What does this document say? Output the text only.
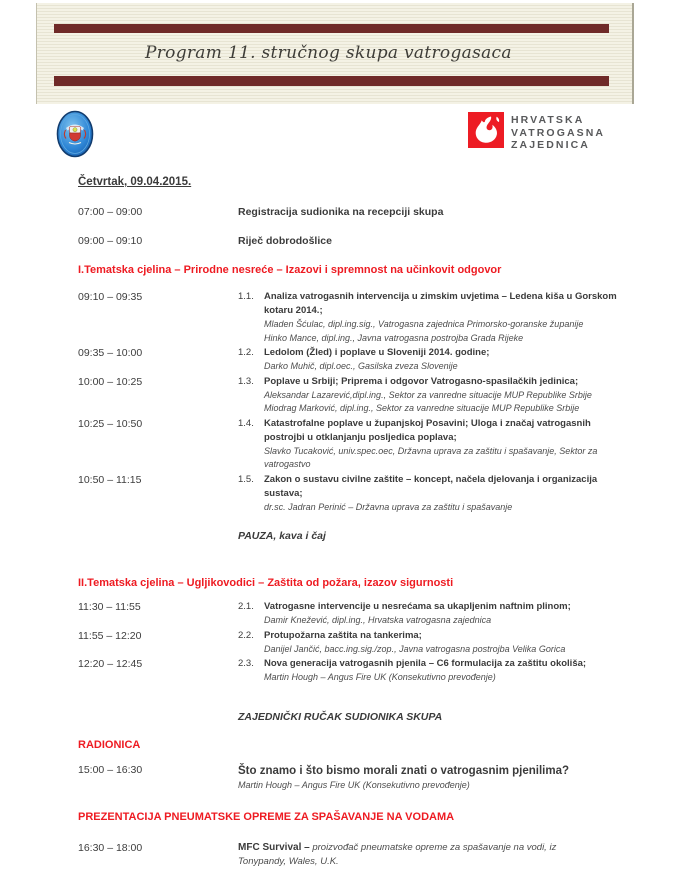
Program 11. stručnog skupa vatrogasaca
HRVATSKA
VATROGASNA
ZAJEDNICA
Četvrtak, 09.04.2015.
07:00 – 09:00	Registracija sudionika na recepciji skupa
09:00 – 09:10	Riječ dobrodošlice
I.Tematska cjelina – Prirodne nesreće – Izazovi i spremnost na učinkovit odgovor
09:10 – 09:35	1.1.	Analiza vatrogasnih intervencija u zimskim uvjetima – Ledena kiša u Gorskom kotaru 2014.;
Mladen Šćulac, dipl.ing.sig., Vatrogasna zajednica Primorsko-goranske županije
Hinko Mance, dipl.ing., Javna vatrogasna postrojba Grada Rijeke
09:35 – 10:00	1.2.	Ledolom (Žled) i poplave u Sloveniji 2014. godine;
Darko Muhič, dipl.oec., Gasilska zveza Slovenije
10:00 – 10:25	1.3.	Poplave u Srbiji; Priprema i odgovor Vatrogasno-spasilačkih jedinica;
Aleksandar Lazarević,dipl.ing., Sektor za vanredne situacije MUP Republike Srbije
Miodrag Marković, dipl.ing., Sektor za vanredne situacije MUP Republike Srbije
10:25 – 10:50	1.4.	Katastrofalne poplave u županjskoj Posavini; Uloga i značaj vatrogasnih postrojbi u otklanjanju posljedica poplava;
Slavko Tucaković, univ.spec.oec, Državna uprava za zaštitu i spašavanje, Sektor za vatrogastvo
10:50 – 11:15	1.5.	Zakon o sustavu civilne zaštite – koncept, načela djelovanja i organizacija sustava;
dr.sc. Jadran Perinić – Državna uprava za zaštitu i spašavanje
PAUZA, kava i čaj
II.Tematska cjelina – Ugljikovodici – Zaštita od požara, izazov sigurnosti
11:30 – 11:55	2.1.	Vatrogasne intervencije u nesrećama sa ukapljenim naftnim plinom;
Damir Knežević, dipl.ing., Hrvatska vatrogasna zajednica
11:55 – 12:20	2.2.	Protupožarna zaštita na tankerima;
Danijel Jančić, bacc.ing.sig./zop., Javna vatrogasna postrojba Velika Gorica
12:20 – 12:45	2.3.	Nova generacija vatrogasnih pjenila – C6 formulacija za zaštitu okoliša;
Martin Hough – Angus Fire UK (Konsekutivno prevođenje)
ZAJEDNIČKI RUČAK SUDIONIKA SKUPA
RADIONICA
15:00 – 16:30	Što znamo i što bismo morali znati o vatrogasnim pjenilima?
Martin Hough – Angus Fire UK (Konsekutivno prevođenje)
PREZENTACIJA PNEUMATSKE OPREME ZA SPAŠAVANJE NA VODAMA
16:30 – 18:00	MFC Survival – proizvođač pneumatske opreme za spašavanje na vodi, iz Tonypandy, Wales, U.K.
